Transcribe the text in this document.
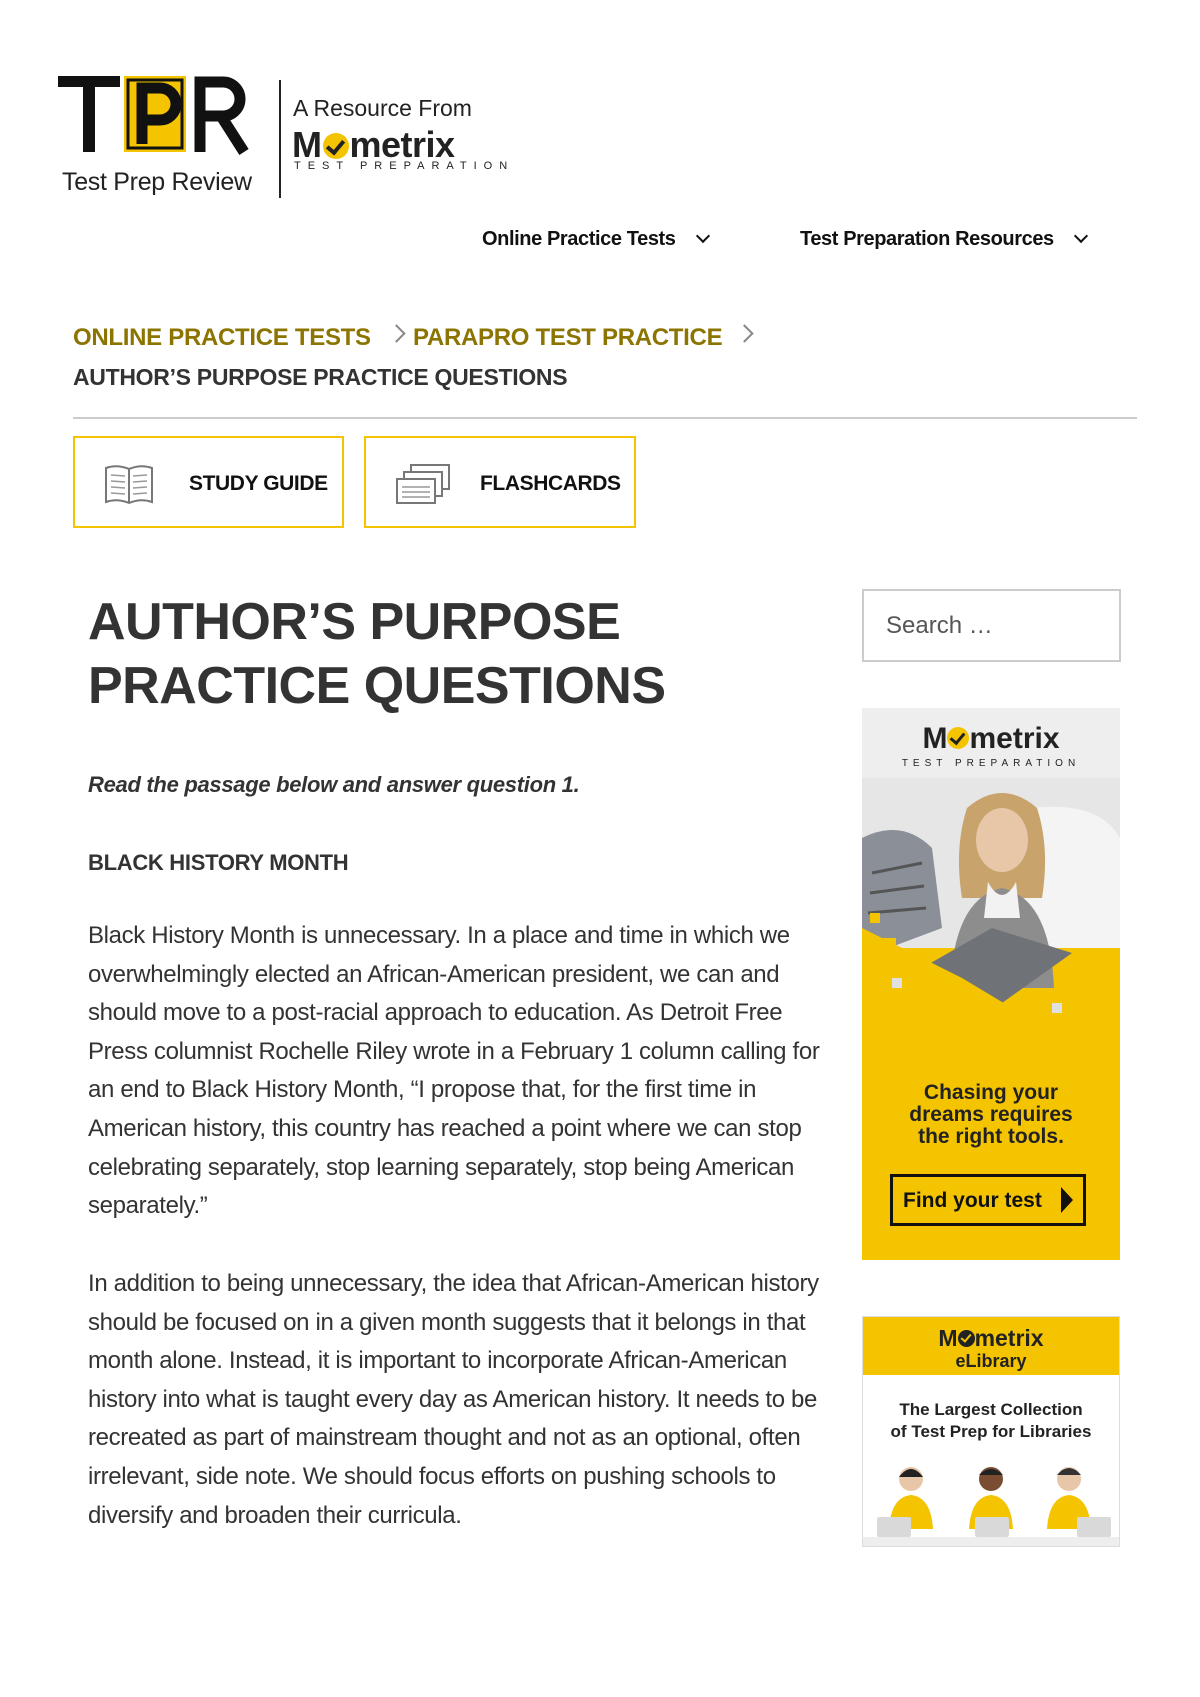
Test Prep Review
A Resource From
M metrix
TEST PREPARATION
Online Practice Tests	Test Preparation Resources
ONLINE PRACTICE TESTS PARAPRO TEST PRACTICE
AUTHOR’S PURPOSE PRACTICE QUESTIONS
STUDY GUIDE	FLASHCARDS
AUTHOR’S PURPOSE PRACTICE QUESTIONS
Read the passage below and answer question 1.
BLACK HISTORY MONTH

Black History Month is unnecessary. In a place and time in which we overwhelmingly elected an African-American president, we can and should move to a post-racial approach to education. As Detroit Free Press columnist Rochelle Riley wrote in a February 1 column calling for an end to Black History Month, “I propose that, for the first time in American history, this country has reached a point where we can stop celebrating separately, stop learning separately, stop being American separately.”

In addition to being unnecessary, the idea that African-American history should be focused on in a given month suggests that it belongs in that month alone. Instead, it is important to incorporate African-American history into what is taught every day as American history. It needs to be recreated as part of mainstream thought and not as an optional, often irrelevant, side note. We should focus efforts on pushing schools to diversify and broaden their curricula.

Search …
M metrix
TEST PREPARATION
Chasing your
dreams requires
the right tools.
Find your test
M metrix
eLibrary
The Largest Collection
of Test Prep for Libraries
